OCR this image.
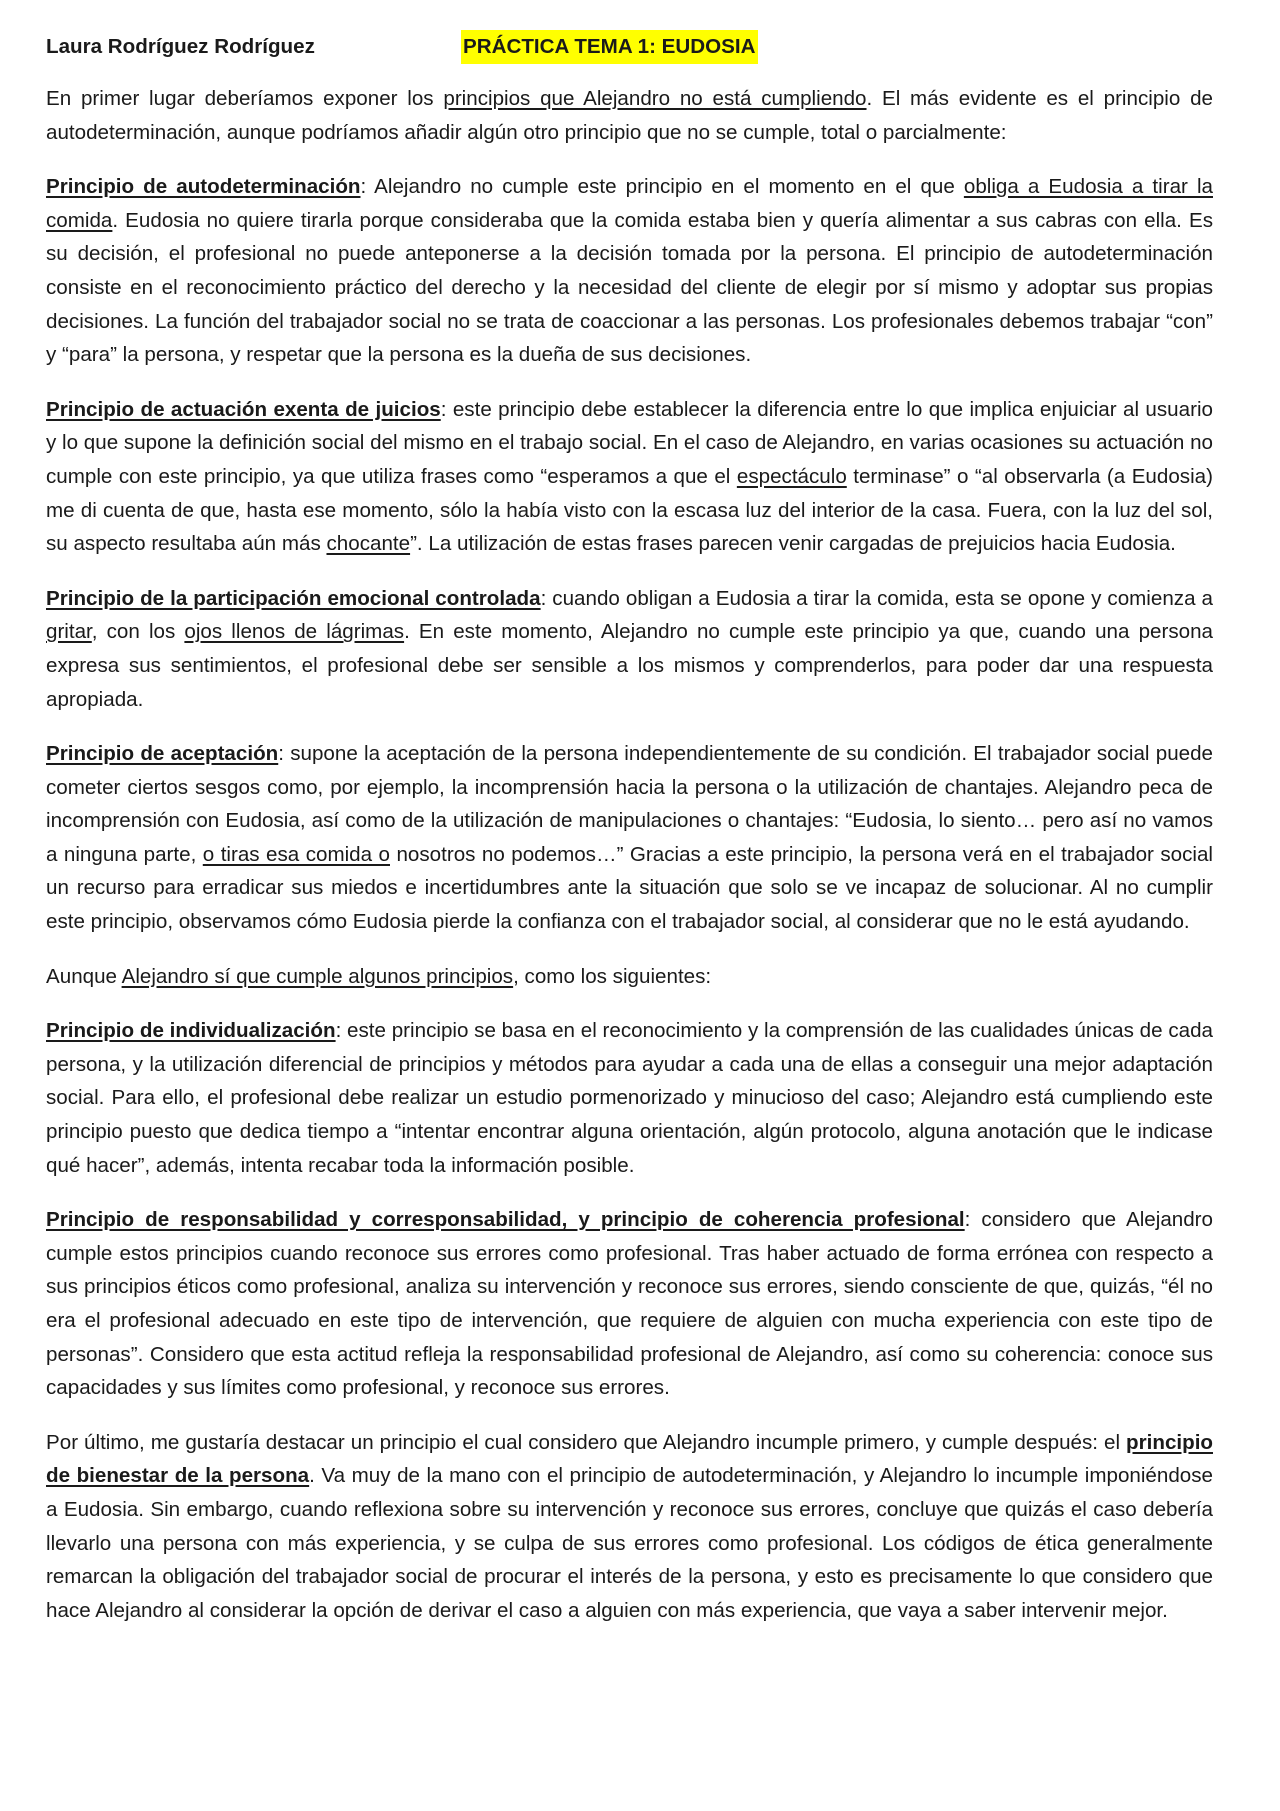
Laura Rodríguez Rodríguez	PRÁCTICA TEMA 1: EUDOSIA

En primer lugar deberíamos exponer los principios que Alejandro no está cumpliendo. El más evidente es el principio de autodeterminación, aunque podríamos añadir algún otro principio que no se cumple, total o parcialmente:

Principio de autodeterminación: Alejandro no cumple este principio en el momento en el que obliga a Eudosia a tirar la comida. Eudosia no quiere tirarla porque consideraba que la comida estaba bien y quería alimentar a sus cabras con ella. Es su decisión, el profesional no puede anteponerse a la decisión tomada por la persona. El principio de autodeterminación consiste en el reconocimiento práctico del derecho y la necesidad del cliente de elegir por sí mismo y adoptar sus propias decisiones. La función del trabajador social no se trata de coaccionar a las personas. Los profesionales debemos trabajar “con” y “para” la persona, y respetar que la persona es la dueña de sus decisiones.

Principio de actuación exenta de juicios: este principio debe establecer la diferencia entre lo que implica enjuiciar al usuario y lo que supone la definición social del mismo en el trabajo social. En el caso de Alejandro, en varias ocasiones su actuación no cumple con este principio, ya que utiliza frases como “esperamos a que el espectáculo terminase” o “al observarla (a Eudosia) me di cuenta de que, hasta ese momento, sólo la había visto con la escasa luz del interior de la casa. Fuera, con la luz del sol, su aspecto resultaba aún más chocante”. La utilización de estas frases parecen venir cargadas de prejuicios hacia Eudosia.

Principio de la participación emocional controlada: cuando obligan a Eudosia a tirar la comida, esta se opone y comienza a gritar, con los ojos llenos de lágrimas. En este momento, Alejandro no cumple este principio ya que, cuando una persona expresa sus sentimientos, el profesional debe ser sensible a los mismos y comprenderlos, para poder dar una respuesta apropiada.

Principio de aceptación: supone la aceptación de la persona independientemente de su condición. El trabajador social puede cometer ciertos sesgos como, por ejemplo, la incomprensión hacia la persona o la utilización de chantajes. Alejandro peca de incomprensión con Eudosia, así como de la utilización de manipulaciones o chantajes: “Eudosia, lo siento… pero así no vamos a ninguna parte, o tiras esa comida o nosotros no podemos…” Gracias a este principio, la persona verá en el trabajador social un recurso para erradicar sus miedos e incertidumbres ante la situación que solo se ve incapaz de solucionar. Al no cumplir este principio, observamos cómo Eudosia pierde la confianza con el trabajador social, al considerar que no le está ayudando.

Aunque Alejandro sí que cumple algunos principios, como los siguientes:

Principio de individualización: este principio se basa en el reconocimiento y la comprensión de las cualidades únicas de cada persona, y la utilización diferencial de principios y métodos para ayudar a cada una de ellas a conseguir una mejor adaptación social. Para ello, el profesional debe realizar un estudio pormenorizado y minucioso del caso; Alejandro está cumpliendo este principio puesto que dedica tiempo a “intentar encontrar alguna orientación, algún protocolo, alguna anotación que le indicase qué hacer”, además, intenta recabar toda la información posible.

Principio de responsabilidad y corresponsabilidad, y principio de coherencia profesional: considero que Alejandro cumple estos principios cuando reconoce sus errores como profesional. Tras haber actuado de forma errónea con respecto a sus principios éticos como profesional, analiza su intervención y reconoce sus errores, siendo consciente de que, quizás, “él no era el profesional adecuado en este tipo de intervención, que requiere de alguien con mucha experiencia con este tipo de personas”. Considero que esta actitud refleja la responsabilidad profesional de Alejandro, así como su coherencia: conoce sus capacidades y sus límites como profesional, y reconoce sus errores.

Por último, me gustaría destacar un principio el cual considero que Alejandro incumple primero, y cumple después: el principio de bienestar de la persona. Va muy de la mano con el principio de autodeterminación, y Alejandro lo incumple imponiéndose a Eudosia. Sin embargo, cuando reflexiona sobre su intervención y reconoce sus errores, concluye que quizás el caso debería llevarlo una persona con más experiencia, y se culpa de sus errores como profesional. Los códigos de ética generalmente remarcan la obligación del trabajador social de procurar el interés de la persona, y esto es precisamente lo que considero que hace Alejandro al considerar la opción de derivar el caso a alguien con más experiencia, que vaya a saber intervenir mejor.
